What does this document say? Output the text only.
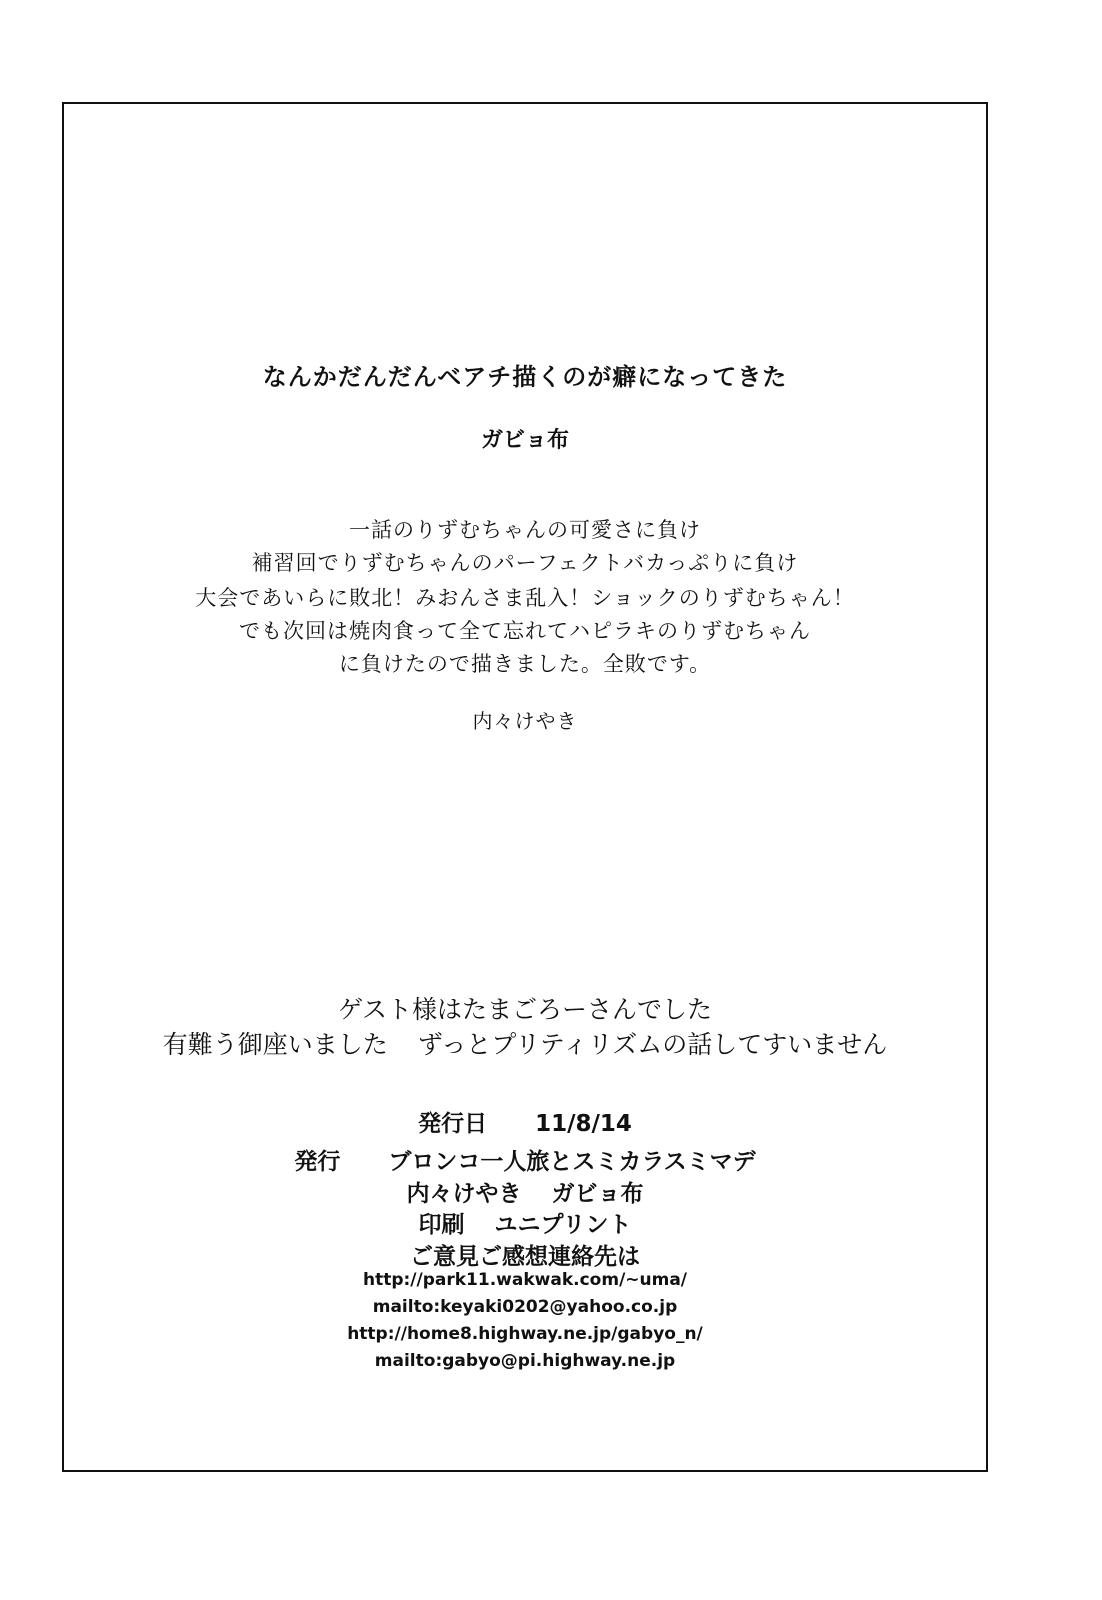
なんかだんだんベアチ描くのが癖になってきた
ガビョ布
一話のりずむちゃんの可愛さに負け
補習回でりずむちゃんのパーフェクトバカっぷりに負け
大会であいらに敗北！みおんさま乱入！ショックのりずむちゃん！
でも次回は焼肉食って全て忘れてハピラキのりずむちゃん
に負けたので描きました。全敗です。
内々けやき
ゲスト様はたまごろーさんでした
有難う御座いました ずっとプリティリズムの話してすいません
発行日 11/8/14
発行 ブロンコ一人旅とスミカラスミマデ
内々けやき ガビョ布
印刷 ユニプリント
ご意見ご感想連絡先は
http://park11.wakwak.com/~uma/
mailto:keyaki0202@yahoo.co.jp
http://home8.highway.ne.jp/gabyo_n/
mailto:gabyo@pi.highway.ne.jp
